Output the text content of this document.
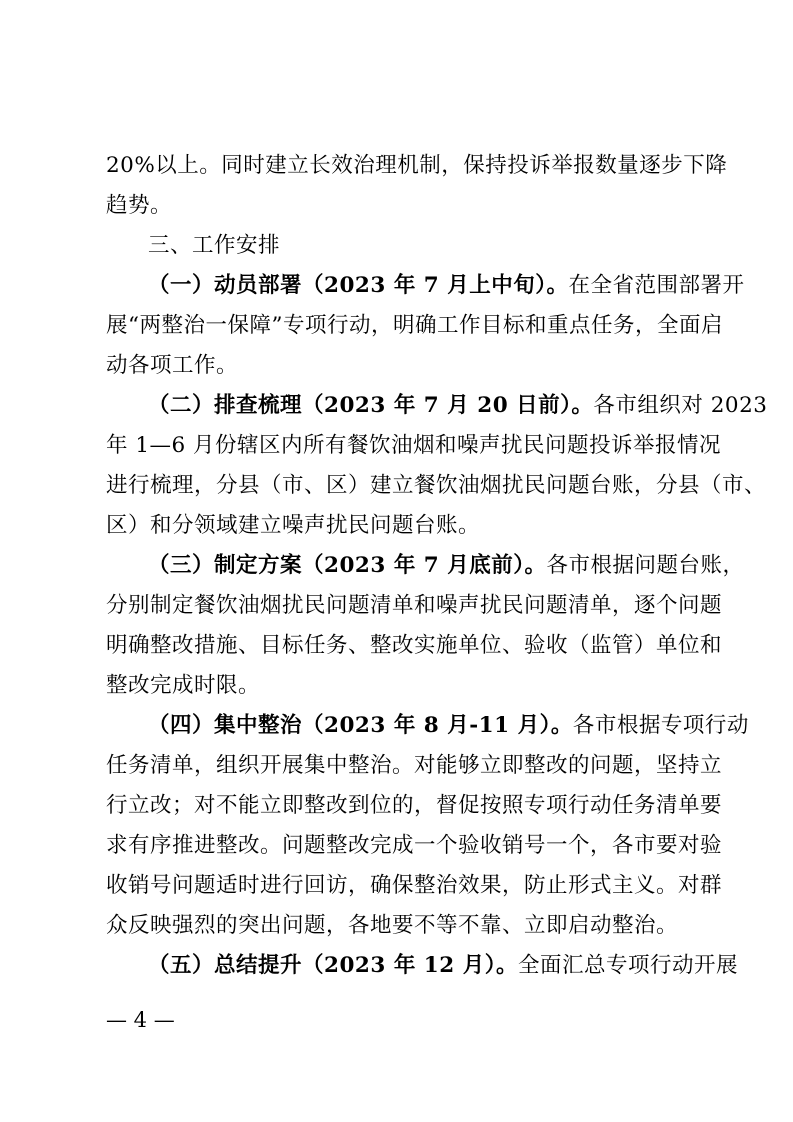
20%以上。同时建立长效治理机制，保持投诉举报数量逐步下降
趋势。
三、工作安排
（一）动员部署（2023 年 7 月上中旬）。在全省范围部署开
展“两整治一保障”专项行动，明确工作目标和重点任务，全面启
动各项工作。
（二）排查梳理（2023 年 7 月 20 日前）。各市组织对 2023
年 1—6 月份辖区内所有餐饮油烟和噪声扰民问题投诉举报情况
进行梳理，分县（市、区）建立餐饮油烟扰民问题台账，分县（市、
区）和分领域建立噪声扰民问题台账。
（三）制定方案（2023 年 7 月底前）。各市根据问题台账，
分别制定餐饮油烟扰民问题清单和噪声扰民问题清单，逐个问题
明确整改措施、目标任务、整改实施单位、验收（监管）单位和
整改完成时限。
（四）集中整治（2023 年 8 月-11 月）。各市根据专项行动
任务清单，组织开展集中整治。对能够立即整改的问题，坚持立
行立改；对不能立即整改到位的，督促按照专项行动任务清单要
求有序推进整改。问题整改完成一个验收销号一个，各市要对验
收销号问题适时进行回访，确保整治效果，防止形式主义。对群
众反映强烈的突出问题，各地要不等不靠、立即启动整治。
（五）总结提升（2023 年 12 月）。全面汇总专项行动开展
— 4 —
